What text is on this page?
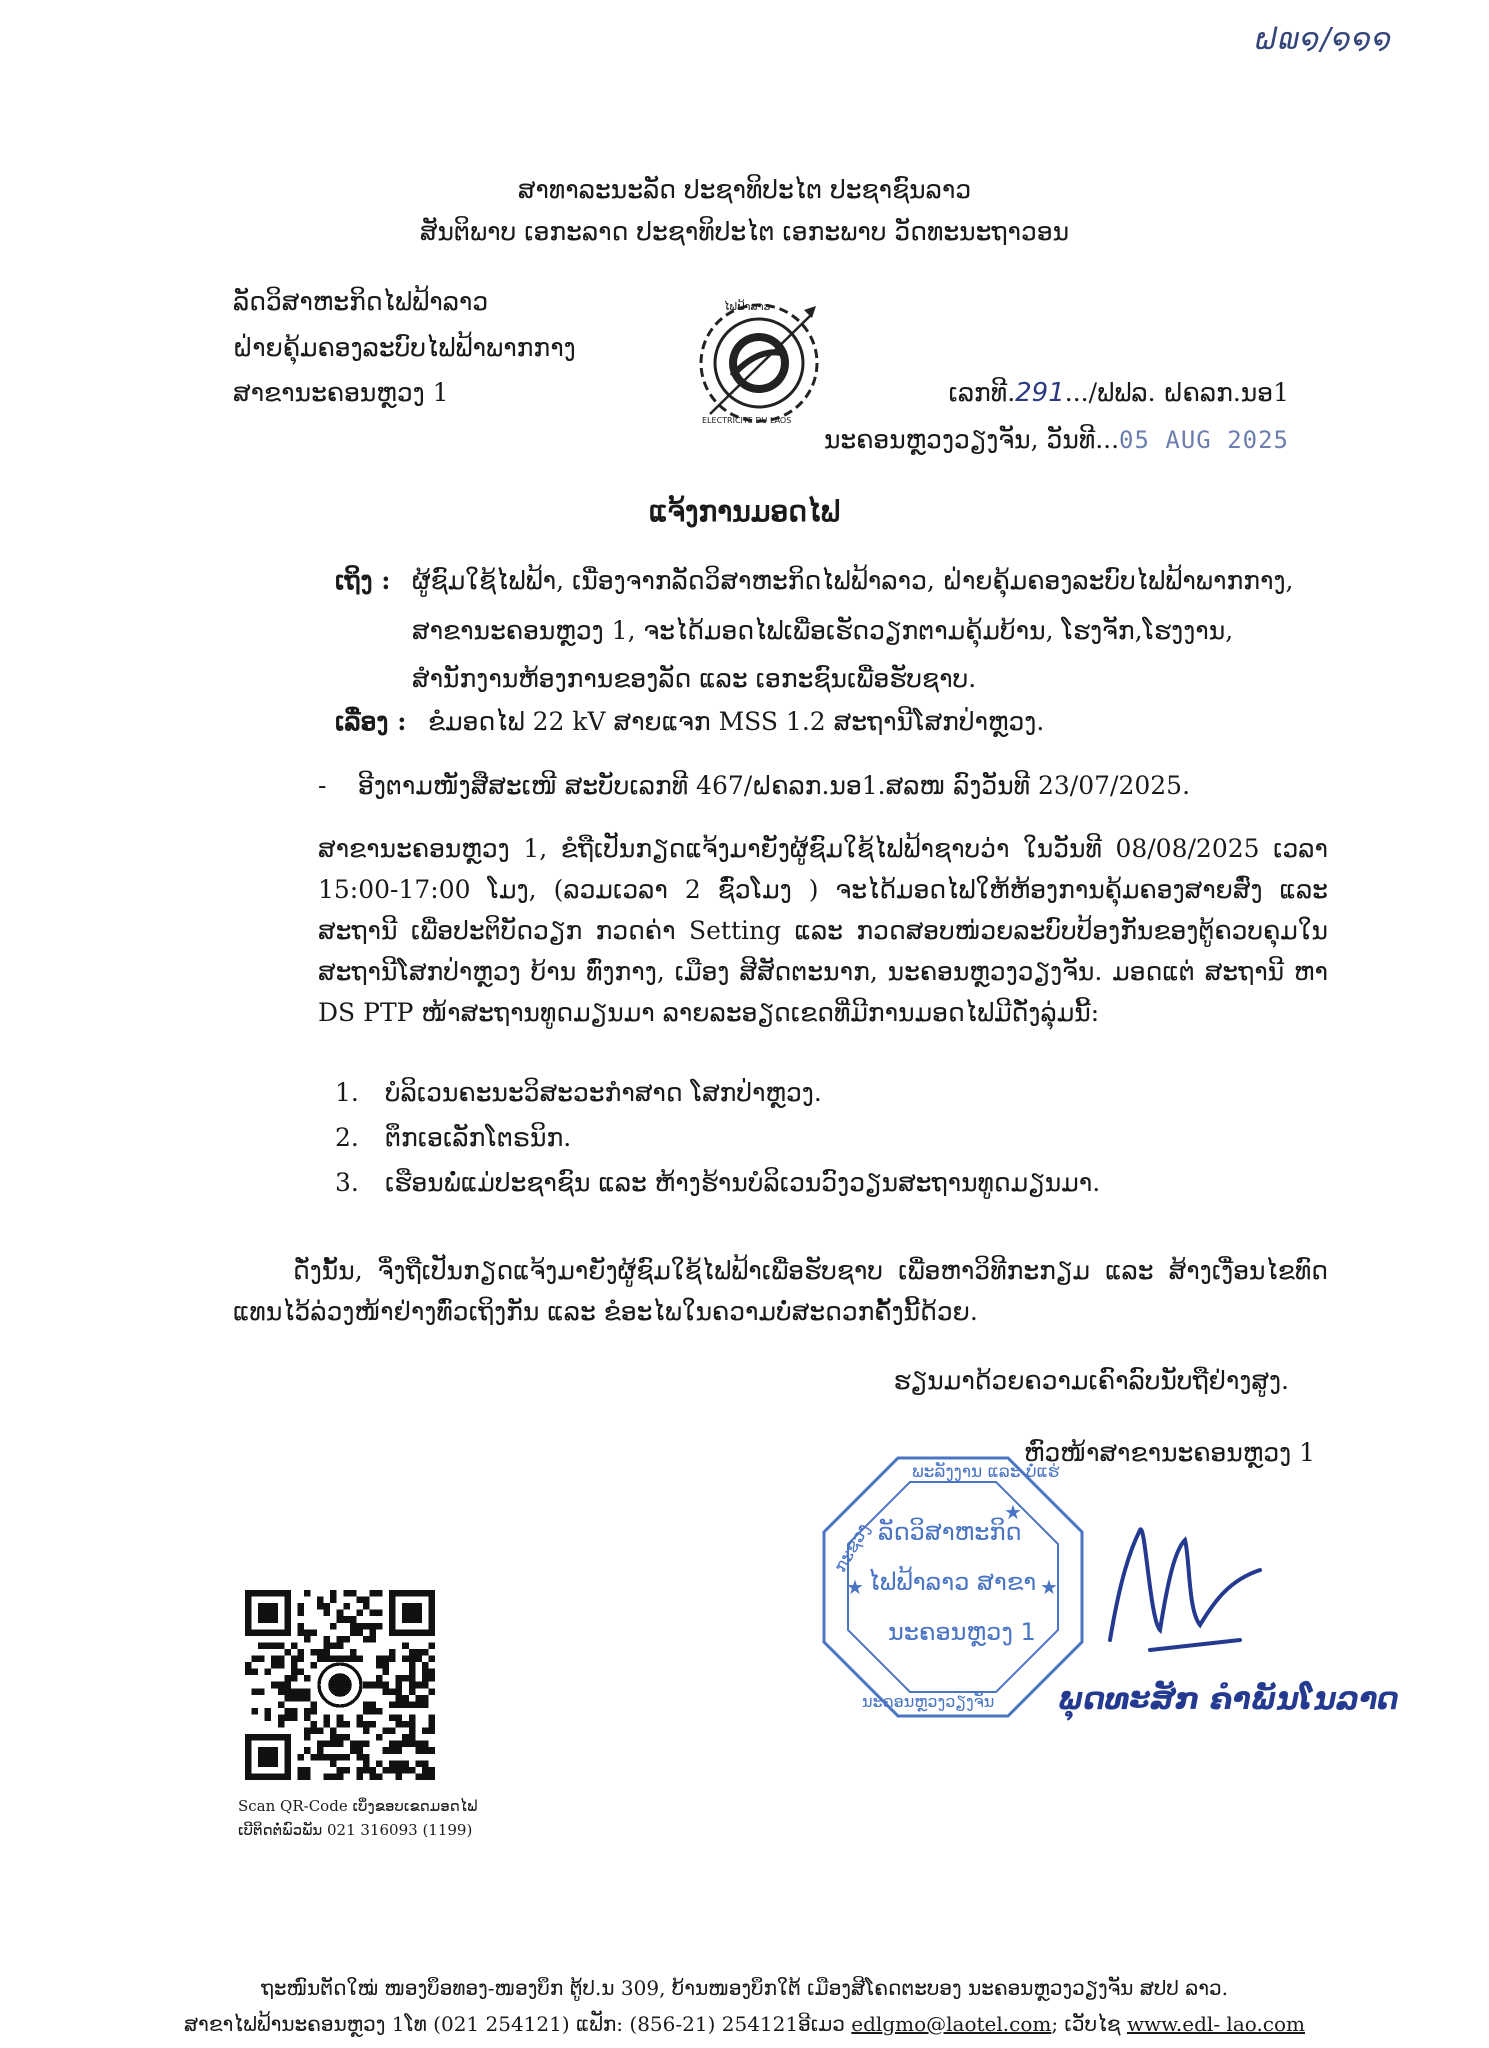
ຝ໙໑/໑໑໑
ສາທາລະນະລັດ ປະຊາທິປະໄຕ ປະຊາຊົນລາວ
ສັນຕິພາບ ເອກະລາດ ປະຊາທິປະໄຕ ເອກະພາບ ວັດທະນະຖາວອນ
ລັດວິສາຫະກິດໄຟຟ້າລາວ
ຝ່າຍຄຸ້ມຄອງລະບົບໄຟຟ້າພາກກາງ
ສາຂານະຄອນຫຼວງ 1
ໄຟຟ້າລາວ
ELECTRICITE DU LAOS
ເລກທີ.291.../ຟຟລ. ຝຄລກ.ນອ1
ນະຄອນຫຼວງວຽງຈັນ, ວັນທີ...05 AUG 2025
ແຈ້ງການມອດໄຟ
ເຖິງ : ຜູ້ຊົມໃຊ້ໄຟຟ້າ, ເນື່ອງຈາກລັດວິສາຫະກິດໄຟຟ້າລາວ, ຝ່າຍຄຸ້ມຄອງລະບົບໄຟຟ້າພາກກາງ,
ສາຂານະຄອນຫຼວງ 1, ຈະໄດ້ມອດໄຟເພື່ອເຮັດວຽກຕາມຄຸ້ມບ້ານ, ໂຮງຈັກ,ໂຮງງານ,
ສຳນັກງານຫ້ອງການຂອງລັດ ແລະ ເອກະຊົນເພື່ອຮັບຊາບ.
ເລື່ອງ : ຂໍມອດໄຟ 22 kV ສາຍແຈກ MSS 1.2 ສະຖານີໂສກປ່າຫຼວງ.
- ອີງຕາມໜັງສືສະເໜີ ສະບັບເລກທີ 467/ຝຄລກ.ນອ1.ສລໜ ລົງວັນທີ 23/07/2025.
ສາຂານະຄອນຫຼວງ 1, ຂໍຖືເປັນກຽດແຈ້ງມາຍັງຜູ້ຊົມໃຊ້ໄຟຟ້າຊາບວ່າ ໃນວັນທີ 08/08/2025 ເວລາ 15:00-17:00 ໂມງ, (ລວມເວລາ 2 ຊົ່ວໂມງ ) ຈະໄດ້ມອດໄຟໃຫ້ຫ້ອງການຄຸ້ມຄອງສາຍສົ່ງ ແລະ ສະຖານີ ເພື່ອປະຕິບັດວຽກ ກວດຄ່າ Setting ແລະ ກວດສອບໜ່ວຍລະບົບປ້ອງກັນຂອງຕູ້ຄວບຄຸມໃນສະຖານີໂສກປ່າຫຼວງ ບ້ານ ທົ່ງກາງ, ເມືອງ ສີສັດຕະນາກ, ນະຄອນຫຼວງວຽງຈັນ. ມອດແຕ່ ສະຖານີ ຫາ DS PTP ໜ້າສະຖານທູດມຽນມາ ລາຍລະອຽດເຂດທີ່ມີການມອດໄຟມີດັ່ງລຸ່ມນີ້:
1. ບໍລິເວນຄະນະວິສະວະກຳສາດ ໂສກປ່າຫຼວງ.
2. ຕຶກເອເລັກໂຕຣນິກ.
3. ເຮືອນພໍ່ແມ່ປະຊາຊົນ ແລະ ຫ້າງຮ້ານບໍລິເວນວົງວຽນສະຖານທູດມຽນມາ.
ດັ່ງນັ້ນ, ຈຶ່ງຖືເປັນກຽດແຈ້ງມາຍັງຜູ້ຊົມໃຊ້ໄຟຟ້າເພື່ອຮັບຊາບ ເພື່ອຫາວິທີກະກຽມ ແລະ ສ້າງເງື່ອນໄຂທົດແທນໄວ້ລ່ວງໜ້າຢ່າງທົ່ວເຖິງກັນ ແລະ ຂໍອະໄພໃນຄວາມບໍ່ສະດວກຄັ້ງນີ້ດ້ວຍ.
ຮຽນມາດ້ວຍຄວາມເຄົາລົບນັບຖືຢ່າງສູງ.
ຫົວໜ້າສາຂານະຄອນຫຼວງ 1
★
★	★
ພະລັງງານ ແລະ ບໍ່ແຮ່
ກະຊວງ
ນະຄອນຫຼວງວຽງຈັນ
ລັດວິສາຫະກິດ
ໄຟຟ້າລາວ ສາຂາ
ນະຄອນຫຼວງ 1
ພຸດທະສັກ ຄຳພັນໂນລາດ
Scan QR-Code ເບິ່ງຂອບເຂດມອດໄຟ
ເບີຕິດຕໍ່ພົວພັນ 021 316093 (1199)
ຖະໜົນຕັດໃໝ່ ໜອງບຶອທອງ-ໜອງບຶກ ຕູ້ປ.ນ 309, ບ້ານໜອງບຶກໃຕ້ ເມືອງສີໂຄດຕະບອງ ນະຄອນຫຼວງວຽງຈັນ ສປປ ລາວ.
ສາຂາໄຟຟ້ານະຄອນຫຼວງ 1ໂທ (021 254121) ແຟັກ: (856-21) 254121ອີເມວ edlgmo@laotel.com; ເວັບໄຊ www.edl- lao.com
